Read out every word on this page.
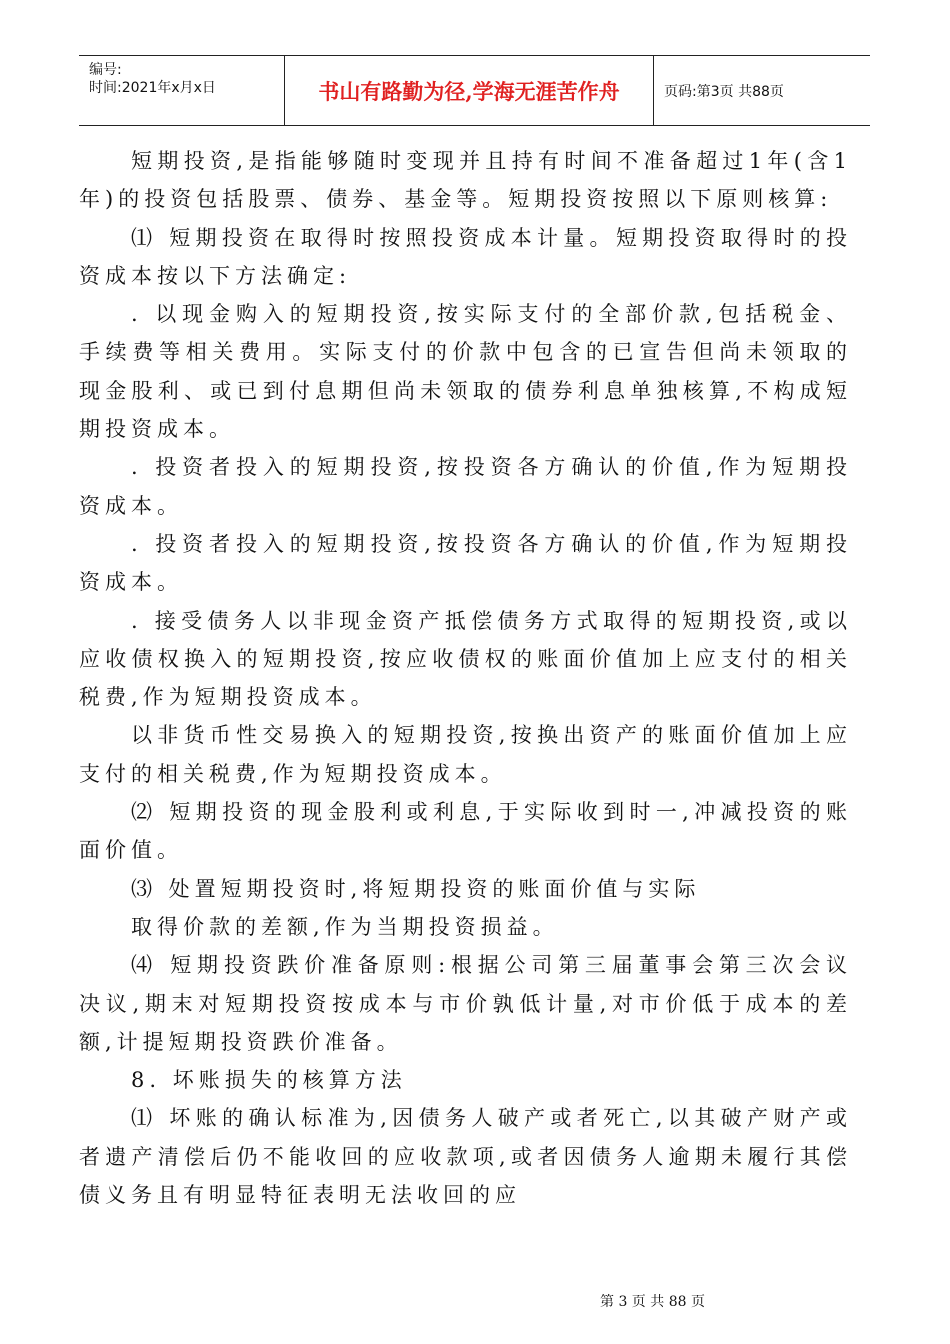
编号:
时间:2021年x月x日	书山有路勤为径,学海无涯苦作舟	页码:第3页 共88页

短期投资,是指能够随时变现并且持有时间不准备超过1年(含1年)的投资包括股票、债券、基金等。短期投资按照以下原则核算:

⑴ 短期投资在取得时按照投资成本计量。短期投资取得时的投资成本按以下方法确定:

. 以现金购入的短期投资,按实际支付的全部价款,包括税金、手续费等相关费用。实际支付的价款中包含的已宣告但尚未领取的现金股利、或已到付息期但尚未领取的债券利息单独核算,不构成短期投资成本。

. 投资者投入的短期投资,按投资各方确认的价值,作为短期投资成本。

. 投资者投入的短期投资,按投资各方确认的价值,作为短期投资成本。

. 接受债务人以非现金资产抵偿债务方式取得的短期投资,或以应收债权换入的短期投资,按应收债权的账面价值加上应支付的相关税费,作为短期投资成本。

以非货币性交易换入的短期投资,按换出资产的账面价值加上应支付的相关税费,作为短期投资成本。

⑵ 短期投资的现金股利或利息,于实际收到时一,冲减投资的账面价值。

⑶ 处置短期投资时,将短期投资的账面价值与实际

取得价款的差额,作为当期投资损益。

⑷ 短期投资跌价准备原则:根据公司第三届董事会第三次会议决议,期末对短期投资按成本与市价孰低计量,对市价低于成本的差额,计提短期投资跌价准备。

8. 坏账损失的核算方法

⑴ 坏账的确认标准为,因债务人破产或者死亡,以其破产财产或者遗产清偿后仍不能收回的应收款项,或者因债务人逾期未履行其偿债义务且有明显特征表明无法收回的应

第 3 页 共 88 页
